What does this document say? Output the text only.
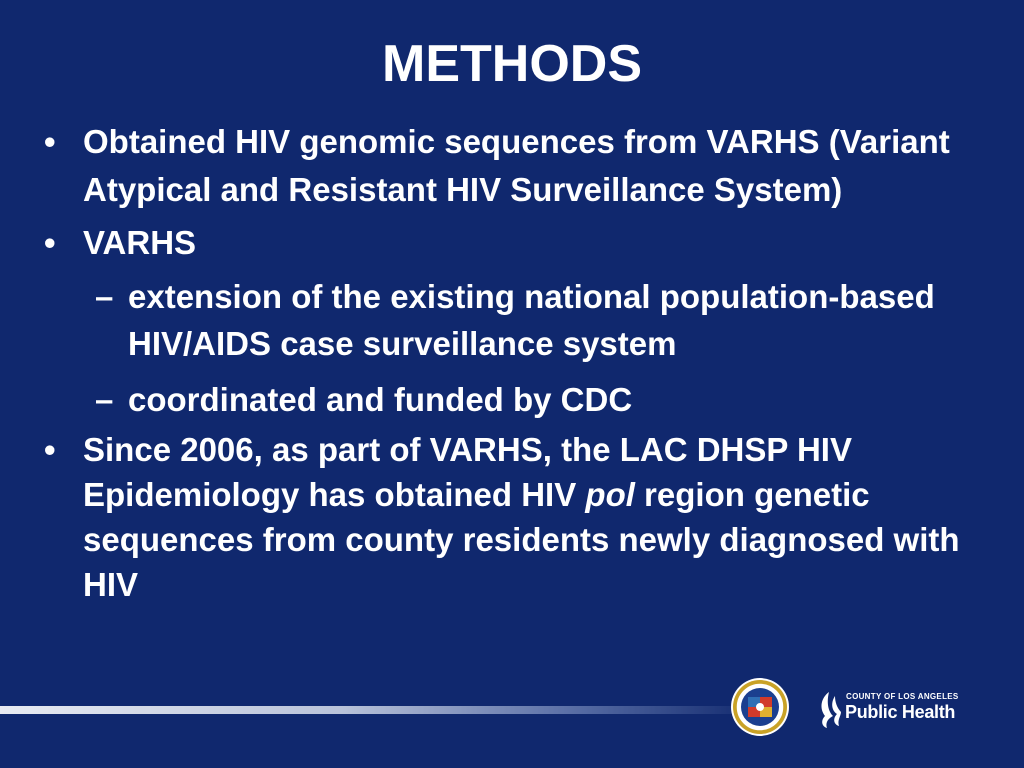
METHODS
• Obtained HIV genomic sequences from VARHS (Variant Atypical and Resistant HIV Surveillance System)
• VARHS
– extension of the existing national population-based HIV/AIDS case surveillance system
– coordinated and funded by CDC
• Since 2006, as part of VARHS, the LAC DHSP HIV Epidemiology has obtained HIV pol region genetic sequences from county residents newly diagnosed with HIV
COUNTY OF LOS ANGELES
Public Health
